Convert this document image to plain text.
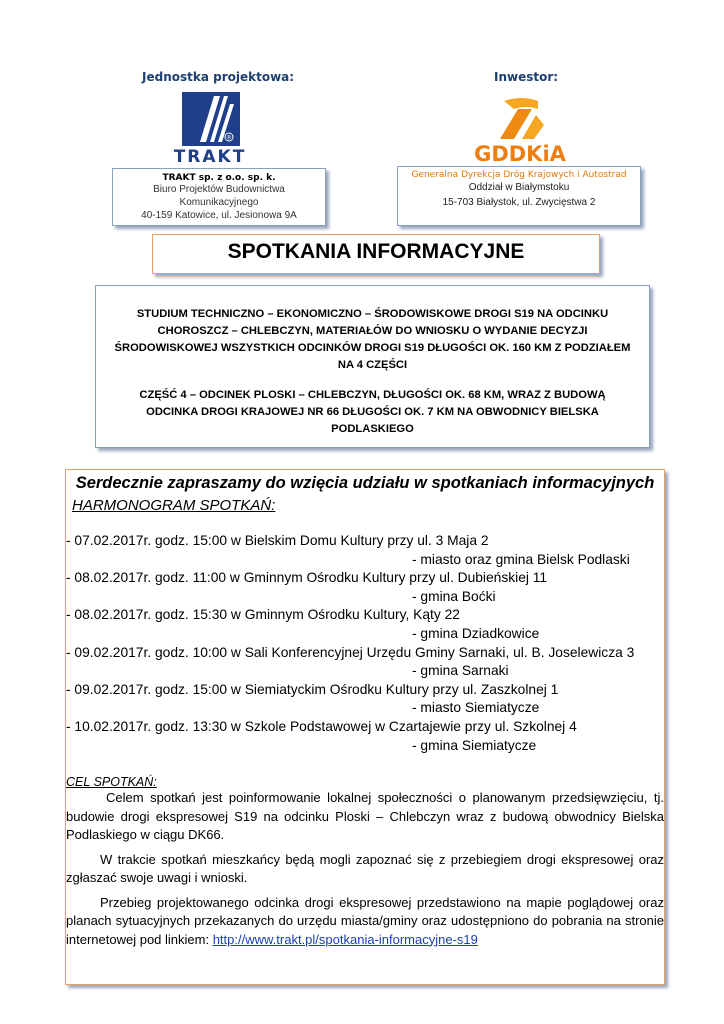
Jednostka projektowa:	Inwestor:
®
TRAKT
TRAKT sp. z o.o. sp. k.
Biuro Projektów Budownictwa Komunikacyjnego
40-159 Katowice, ul. Jesionowa 9A
GDDKiA
Generalna Dyrekcja Dróg Krajowych i Autostrad
Oddział w Białymstoku
15-703 Białystok, ul. Zwycięstwa 2
SPOTKANIA INFORMACYJNE

STUDIUM TECHNICZNO – EKONOMICZNO – ŚRODOWISKOWE DROGI S19 NA ODCINKU CHOROSZCZ – CHLEBCZYN, MATERIAŁÓW DO WNIOSKU O WYDANIE DECYZJI ŚRODOWISKOWEJ WSZYSTKICH ODCINKÓW DROGI S19 DŁUGOŚCI OK. 160 KM Z PODZIAŁEM NA 4 CZĘŚCI

CZĘŚĆ 4 – ODCINEK PLOSKI – CHLEBCZYN, DŁUGOŚCI OK. 68 KM, WRAZ Z BUDOWĄ ODCINKA DROGI KRAJOWEJ NR 66 DŁUGOŚCI OK. 7 KM NA OBWODNICY BIELSKA PODLASKIEGO

Serdecznie zapraszamy do wzięcia udziału w spotkaniach informacyjnych
HARMONOGRAM SPOTKAŃ:
- 07.02.2017r. godz. 15:00 w Bielskim Domu Kultury przy ul. 3 Maja 2
- miasto oraz gmina Bielsk Podlaski
- 08.02.2017r. godz. 11:00 w Gminnym Ośrodku Kultury przy ul. Dubieńskiej 11
- gmina Boćki
- 08.02.2017r. godz. 15:30 w Gminnym Ośrodku Kultury, Kąty 22
- gmina Dziadkowice
- 09.02.2017r. godz. 10:00 w Sali Konferencyjnej Urzędu Gminy Sarnaki, ul. B. Joselewicza 3
- gmina Sarnaki
- 09.02.2017r. godz. 15:00 w Siemiatyckim Ośrodku Kultury przy ul. Zaszkolnej 1
- miasto Siemiatycze
- 10.02.2017r. godz. 13:30 w Szkole Podstawowej w Czartajewie przy ul. Szkolnej 4
- gmina Siemiatycze
CEL SPOTKAŃ:

Celem spotkań jest poinformowanie lokalnej społeczności o planowanym przedsięwzięciu, tj. budowie drogi ekspresowej S19 na odcinku Ploski – Chlebczyn wraz z budową obwodnicy Bielska Podlaskiego w ciągu DK66.

W trakcie spotkań mieszkańcy będą mogli zapoznać się z przebiegiem drogi ekspresowej oraz zgłaszać swoje uwagi i wnioski.

Przebieg projektowanego odcinka drogi ekspresowej przedstawiono na mapie poglądowej oraz planach sytuacyjnych przekazanych do urzędu miasta/gminy oraz udostępniono do pobrania na stronie internetowej pod linkiem: http://www.trakt.pl/spotkania-informacyjne-s19
